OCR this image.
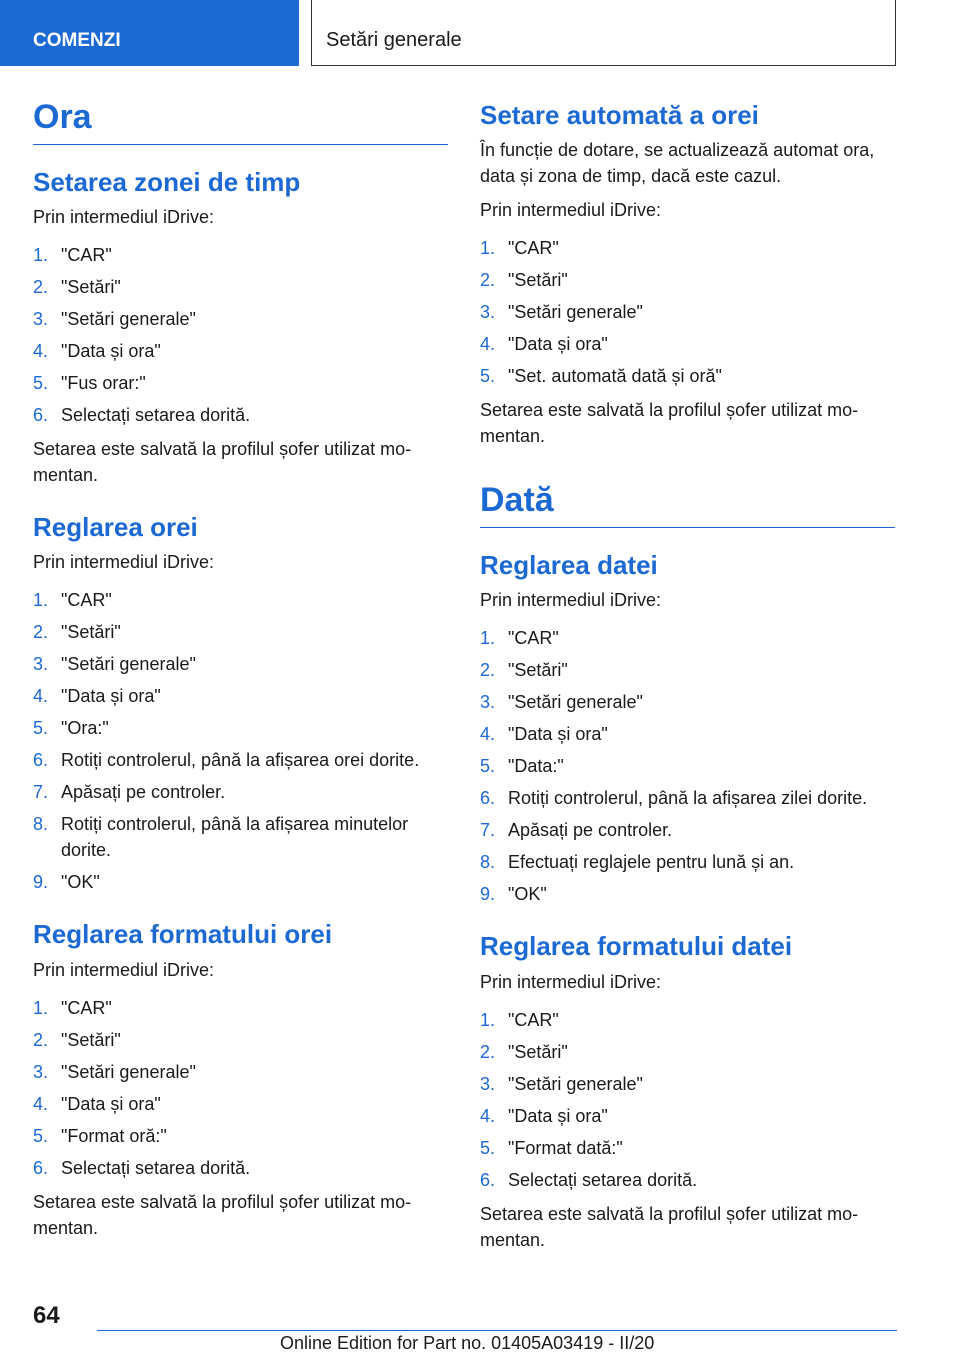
COMENZI	Setări generale
Ora
Setarea zonei de timp

Prin intermediul iDrive:

1. "CAR"
2. "Setări"
3. "Setări generale"
4. "Data și ora"
5. "Fus orar:"
6. Selectați setarea dorită.

Setarea este salvată la profilul șofer utilizat mo-mentan.

Reglarea orei

Prin intermediul iDrive:

1. "CAR"
2. "Setări"
3. "Setări generale"
4. "Data și ora"
5. "Ora:"
6. Rotiți controlerul, până la afișarea orei dorite.
7. Apăsați pe controler.
8. Rotiți controlerul, până la afișarea minutelor dorite.
9. "OK"
Reglarea formatului orei

Prin intermediul iDrive:

1. "CAR"
2. "Setări"
3. "Setări generale"
4. "Data și ora"
5. "Format oră:"
6. Selectați setarea dorită.

Setarea este salvată la profilul șofer utilizat mo-mentan.

Setare automată a orei

În funcție de dotare, se actualizează automat ora, data și zona de timp, dacă este cazul.

Prin intermediul iDrive:

1. "CAR"
2. "Setări"
3. "Setări generale"
4. "Data și ora"
5. "Set. automată dată și oră"

Setarea este salvată la profilul șofer utilizat mo-mentan.

Dată
Reglarea datei

Prin intermediul iDrive:

1. "CAR"
2. "Setări"
3. "Setări generale"
4. "Data și ora"
5. "Data:"
6. Rotiți controlerul, până la afișarea zilei dorite.
7. Apăsați pe controler.
8. Efectuați reglajele pentru lună și an.
9. "OK"
Reglarea formatului datei

Prin intermediul iDrive:

1. "CAR"
2. "Setări"
3. "Setări generale"
4. "Data și ora"
5. "Format dată:"
6. Selectați setarea dorită.

Setarea este salvată la profilul șofer utilizat mo-mentan.

64
Online Edition for Part no. 01405A03419 - II/20
